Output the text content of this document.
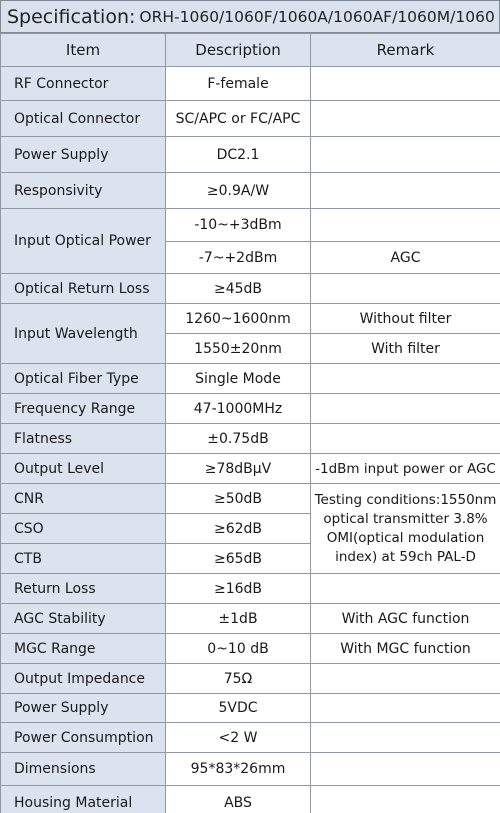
Specification: ORH-1060/1060F/1060A/1060AF/1060M/1060
Item	Description	Remark
RF Connector	F-female	
Optical Connector	SC/APC or FC/APC	
Power Supply	DC2.1	
Responsivity	≥0.9A/W	
Input Optical Power	-10~+3dBm	
	-7~+2dBm	AGC
Optical Return Loss	≥45dB	
Input Wavelength	1260~1600nm	Without filter
	1550±20nm	With filter
Optical Fiber Type	Single Mode	
Frequency Range	47-1000MHz	
Flatness	±0.75dB	
Output Level	≥78dBμV	-1dBm input power or AGC
CNR	≥50dB	Testing conditions:1550nm optical transmitter 3.8% OMI(optical modulation index) at 59ch PAL-D
CSO	≥62dB	
CTB	≥65dB	
Return Loss	≥16dB	
AGC Stability	±1dB	With AGC function
MGC Range	0~10 dB	With MGC function
Output Impedance	75Ω	
Power Supply	5VDC	
Power Consumption	<2 W	
Dimensions	95*83*26mm	
Housing Material	ABS	
